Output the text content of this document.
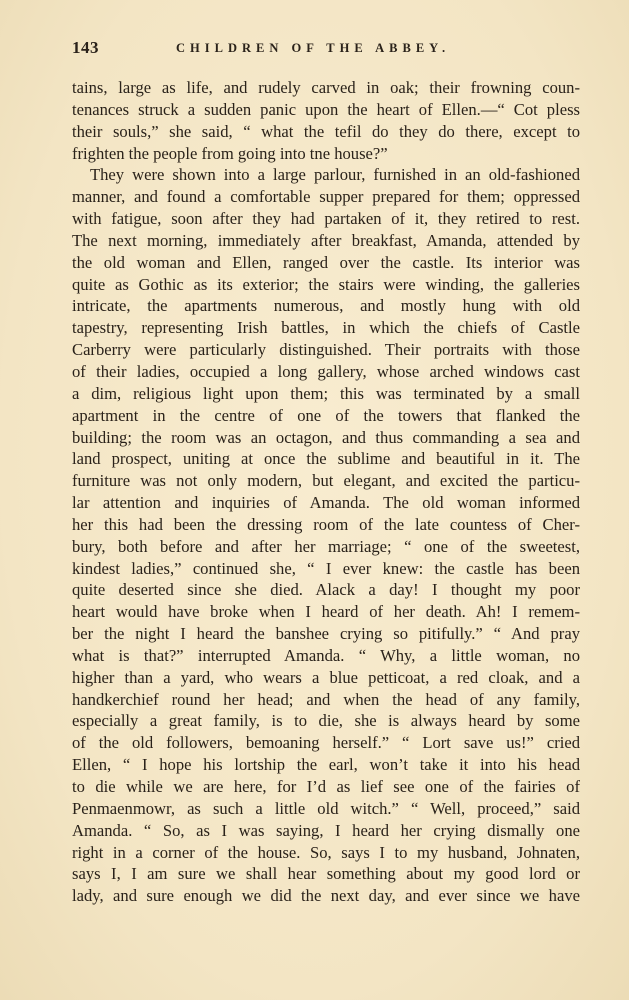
143	CHILDREN OF THE ABBEY.
tains, large as life, and rudely carved in oak; their frowning coun-
tenances struck a sudden panic upon the heart of Ellen.—“ Cot pless
their souls,” she said, “ what the tefil do they do there, except to
frighten the people from going into tne house?”
They were shown into a large parlour, furnished in an old-fashioned
manner, and found a comfortable supper prepared for them; oppressed
with fatigue, soon after they had partaken of it, they retired to rest.
The next morning, immediately after breakfast, Amanda, attended by
the old woman and Ellen, ranged over the castle. Its interior was
quite as Gothic as its exterior; the stairs were winding, the galleries
intricate, the apartments numerous, and mostly hung with old
tapestry, representing Irish battles, in which the chiefs of Castle
Carberry were particularly distinguished. Their portraits with those
of their ladies, occupied a long gallery, whose arched windows cast
a dim, religious light upon them; this was terminated by a small
apartment in the centre of one of the towers that flanked the
building; the room was an octagon, and thus commanding a sea and
land prospect, uniting at once the sublime and beautiful in it. The
furniture was not only modern, but elegant, and excited the particu-
lar attention and inquiries of Amanda. The old woman informed
her this had been the dressing room of the late countess of Cher-
bury, both before and after her marriage; “ one of the sweetest,
kindest ladies,” continued she, “ I ever knew: the castle has been
quite deserted since she died. Alack a day! I thought my poor
heart would have broke when I heard of her death. Ah! I remem-
ber the night I heard the banshee crying so pitifully.” “ And pray
what is that?” interrupted Amanda. “ Why, a little woman, no
higher than a yard, who wears a blue petticoat, a red cloak, and a
handkerchief round her head; and when the head of any family,
especially a great family, is to die, she is always heard by some
of the old followers, bemoaning herself.” “ Lort save us!” cried
Ellen, “ I hope his lortship the earl, won’t take it into his head
to die while we are here, for I’d as lief see one of the fairies of
Penmaenmowr, as such a little old witch.” “ Well, proceed,” said
Amanda. “ So, as I was saying, I heard her crying dismally one
right in a corner of the house. So, says I to my husband, Johnaten,
says I, I am sure we shall hear something about my good lord or
lady, and sure enough we did the next day, and ever since we have
